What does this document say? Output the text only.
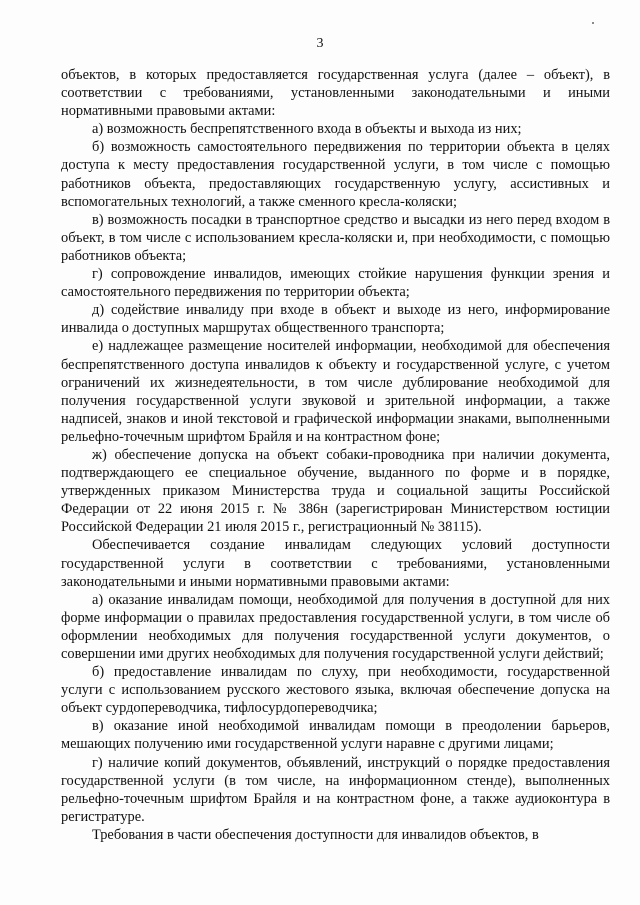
3

объектов, в которых предоставляется государственная услуга (далее – объект), в соответствии с требованиями, установленными законодательными и иными нормативными правовыми актами:

а) возможность беспрепятственного входа в объекты и выхода из них;

б) возможность самостоятельного передвижения по территории объекта в целях доступа к месту предоставления государственной услуги, в том числе с помощью работников объекта, предоставляющих государственную услугу, ассистивных и вспомогательных технологий, а также сменного кресла-коляски;

в) возможность посадки в транспортное средство и высадки из него перед входом в объект, в том числе с использованием кресла-коляски и, при необходимости, с помощью работников объекта;

г) сопровождение инвалидов, имеющих стойкие нарушения функции зрения и самостоятельного передвижения по территории объекта;

д) содействие инвалиду при входе в объект и выходе из него, информирование инвалида о доступных маршрутах общественного транспорта;

е) надлежащее размещение носителей информации, необходимой для обеспечения беспрепятственного доступа инвалидов к объекту и государственной услуге, с учетом ограничений их жизнедеятельности, в том числе дублирование необходимой для получения государственной услуги звуковой и зрительной информации, а также надписей, знаков и иной текстовой и графической информации знаками, выполненными рельефно-точечным шрифтом Брайля и на контрастном фоне;

ж) обеспечение допуска на объект собаки-проводника при наличии документа, подтверждающего ее специальное обучение, выданного по форме и в порядке, утвержденных приказом Министерства труда и социальной защиты Российской Федерации от 22 июня 2015 г. № 386н (зарегистрирован Министерством юстиции Российской Федерации 21 июля 2015 г., регистрационный № 38115).

Обеспечивается создание инвалидам следующих условий доступности государственной услуги в соответствии с требованиями, установленными законодательными и иными нормативными правовыми актами:

а) оказание инвалидам помощи, необходимой для получения в доступной для них форме информации о правилах предоставления государственной услуги, в том числе об оформлении необходимых для получения государственной услуги документов, о совершении ими других необходимых для получения государственной услуги действий;

б) предоставление инвалидам по слуху, при необходимости, государственной услуги с использованием русского жестового языка, включая обеспечение допуска на объект сурдопереводчика, тифлосурдопереводчика;

в) оказание иной необходимой инвалидам помощи в преодолении барьеров, мешающих получению ими государственной услуги наравне с другими лицами;

г) наличие копий документов, объявлений, инструкций о порядке предоставления государственной услуги (в том числе, на информационном стенде), выполненных рельефно-точечным шрифтом Брайля и на контрастном фоне, а также аудиоконтура в регистратуре.

Требования в части обеспечения доступности для инвалидов объектов, в
